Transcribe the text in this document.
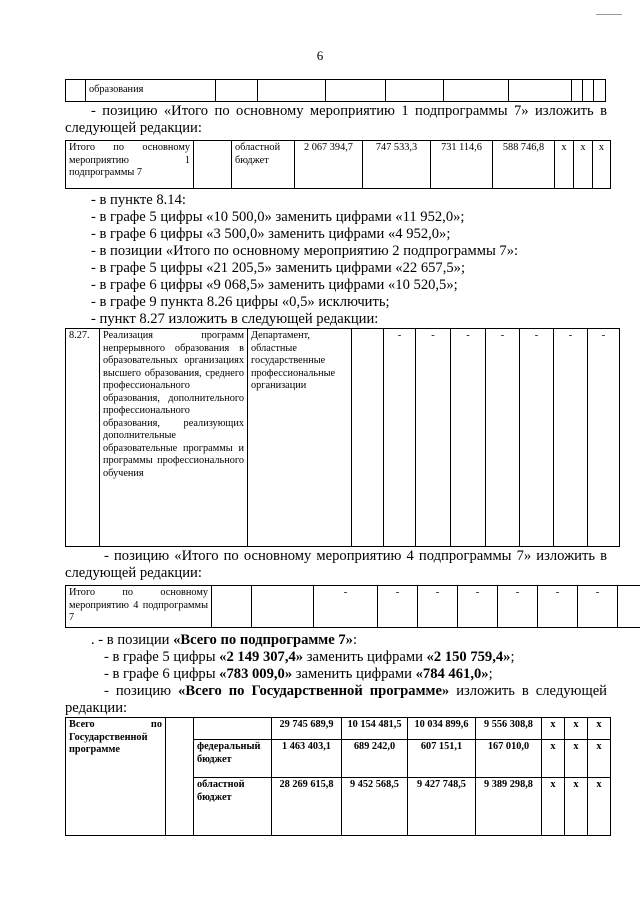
6
	образования									
- позицию «Итого по основному мероприятию 1 подпрограммы 7» изложить в
следующей редакции:
Итого по основному мероприятию 1 подпрограммы 7		областной бюджет	2 067 394,7	747 533,3	731 114,6	588 746,8	х	х	х
- в пункте 8.14:
- в графе 5 цифры «10 500,0» заменить цифрами «11 952,0»;
- в графе 6 цифры «3 500,0» заменить цифрами «4 952,0»;
- в позиции «Итого по основному мероприятию 2 подпрограммы 7»:
- в графе 5 цифры «21 205,5» заменить цифрами «22 657,5»;
- в графе 6 цифры «9 068,5» заменить цифрами «10 520,5»;
- в графе 9 пункта 8.26 цифры «0,5» исключить;
- пункт 8.27 изложить в следующей редакции:
8.27.	Реализация программ непрерывного образования в образовательных организациях высшего образования, среднего профессионального образования, дополнительного профессионального образования, реализующих дополнительные образовательные программы и программы профессионального обучения	Департамент, областные государственные профессиональные организации		-	-	-	-	-	-	-
- позицию «Итого по основному мероприятию 4 подпрограммы 7» изложить в
следующей редакции:
Итого по основному мероприятию 4 подпрограммы 7			-	-	-	-	-	-	-	
. - в позиции «Всего по подпрограмме 7»:
- в графе 5 цифры «2 149 307,4» заменить цифрами «2 150 759,4»;
- в графе 6 цифры «783 009,0» заменить цифрами «784 461,0»;
- позицию «Всего по Государственной программе» изложить в следующей
редакции:
Всего по Государственной программе			29 745 689,9	10 154 481,5	10 034 899,6	9 556 308,8	х	х	х
		федеральный бюджет	1 463 403,1	689 242,0	607 151,1	167 010,0	х	х	х
		областной бюджет	28 269 615,8	9 452 568,5	9 427 748,5	9 389 298,8	х	х	х
